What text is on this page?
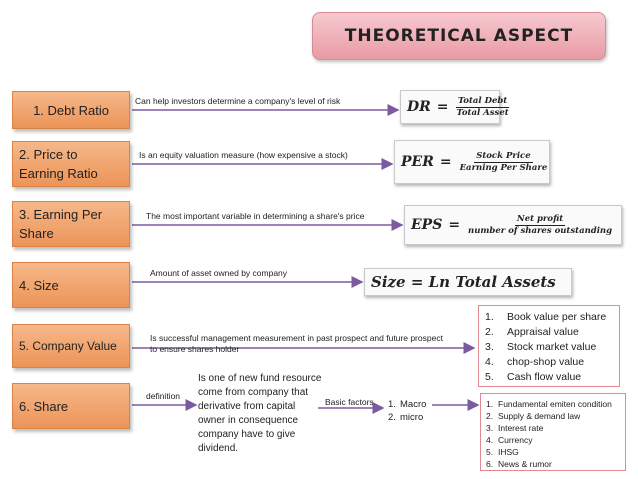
THEORETICAL ASPECT
1. Debt Ratio
2. Price to Earning Ratio
3. Earning Per Share
4. Size
5. Company Value
6. Share
Can help investors determine a company's level of risk
Is an equity valuation measure (how expensive a stock)
The most important variable in determining a share's price
Amount of asset owned by company
Is successful management measurement in past prospect and future prospect to ensure shares holder
definition
DR = $\frac{\text{Total Debt}}{\text{Total Asset}}$
PER = $\frac{\text{Stock Price}}{\text{Earning Per Share}}$
EPS = $\frac{\text{Net profit}}{\text{number of shares outstanding}}$
Size = Ln Total Assets
1.	Book value per share
2.	Appraisal value
3.	Stock market value
4.	chop-shop value
5.	Cash flow value
Is one of new fund resource come from company that derivative from capital owner in consequence company have to give dividend.
Basic factors 1. Macro
2. micro
1. Fundamental emiten condition
2. Supply & demand law
3. Interest rate
4. Currency
5. IHSG
6. News & rumor
